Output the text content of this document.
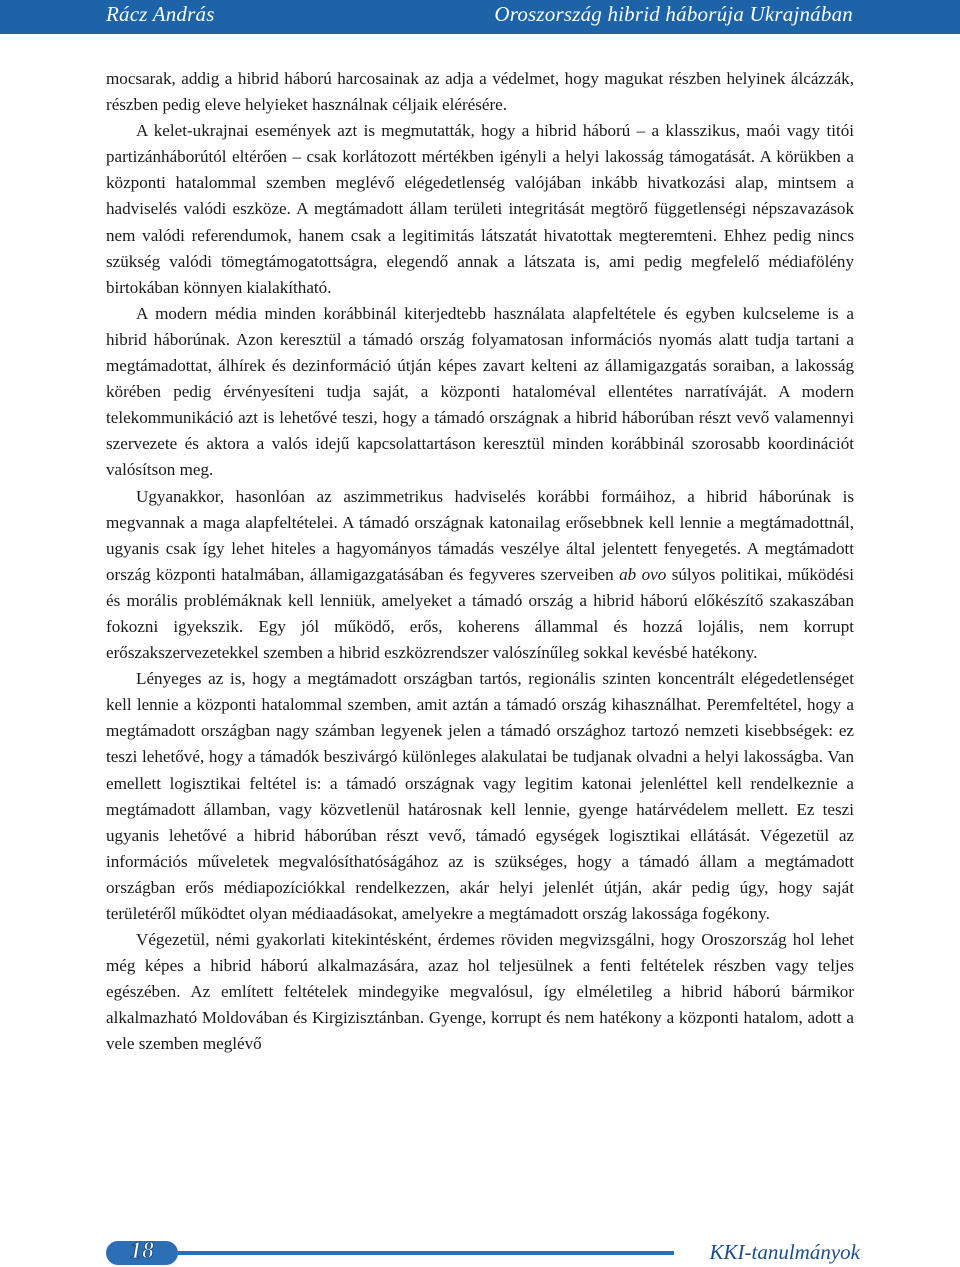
Rácz András	Oroszország hibrid háborúja Ukrajnában

mocsarak, addig a hibrid háború harcosainak az adja a védelmet, hogy magukat részben helyinek álcázzák, részben pedig eleve helyieket használnak céljaik elérésére.

A kelet-ukrajnai események azt is megmutatták, hogy a hibrid háború – a klasszikus, maói vagy titói partizánháborútól eltérően – csak korlátozott mértékben igényli a helyi lakosság támogatását. A körükben a központi hatalommal szemben meglévő elégedetlenség valójában inkább hivatkozási alap, mintsem a hadviselés valódi eszköze. A megtámadott állam területi integritását megtörő függetlenségi népszavazások nem valódi referendumok, hanem csak a legitimitás látszatát hivatottak megteremteni. Ehhez pedig nincs szükség valódi tömegtámogatottságra, elegendő annak a látszata is, ami pedig megfelelő médiafölény birtokában könnyen kialakítható.

A modern média minden korábbinál kiterjedtebb használata alapfeltétele és egyben kulcseleme is a hibrid háborúnak. Azon keresztül a támadó ország folyamatosan információs nyomás alatt tudja tartani a megtámadottat, álhírek és dezinformáció útján képes zavart kelteni az államigazgatás soraiban, a lakosság körében pedig érvényesíteni tudja saját, a központi hataloméval ellentétes narratíváját. A modern telekommunikáció azt is lehetővé teszi, hogy a támadó országnak a hibrid háborúban részt vevő valamennyi szervezete és aktora a valós idejű kapcsolattartáson keresztül minden korábbinál szorosabb koordinációt valósítson meg.

Ugyanakkor, hasonlóan az aszimmetrikus hadviselés korábbi formáihoz, a hibrid háborúnak is megvannak a maga alapfeltételei. A támadó országnak katonailag erősebbnek kell lennie a megtámadottnál, ugyanis csak így lehet hiteles a hagyományos támadás veszélye által jelentett fenyegetés. A megtámadott ország központi hatalmában, államigazgatásában és fegyveres szerveiben ab ovo súlyos politikai, működési és morális problémáknak kell lenniük, amelyeket a támadó ország a hibrid háború előkészítő szakaszában fokozni igyekszik. Egy jól működő, erős, koherens állammal és hozzá lojális, nem korrupt erőszakszervezetekkel szemben a hibrid eszközrendszer valószínűleg sokkal kevésbé hatékony.

Lényeges az is, hogy a megtámadott országban tartós, regionális szinten koncentrált elégedetlenséget kell lennie a központi hatalommal szemben, amit aztán a támadó ország kihasználhat. Peremfeltétel, hogy a megtámadott országban nagy számban legyenek jelen a támadó országhoz tartozó nemzeti kisebbségek: ez teszi lehetővé, hogy a támadók beszivárgó különleges alakulatai be tudjanak olvadni a helyi lakosságba. Van emellett logisztikai feltétel is: a támadó országnak vagy legitim katonai jelenléttel kell rendelkeznie a megtámadott államban, vagy közvetlenül határosnak kell lennie, gyenge határvédelem mellett. Ez teszi ugyanis lehetővé a hibrid háborúban részt vevő, támadó egységek logisztikai ellátását. Végezetül az információs műveletek megvalósíthatóságához az is szükséges, hogy a támadó állam a megtámadott országban erős médiapozíciókkal rendelkezzen, akár helyi jelenlét útján, akár pedig úgy, hogy saját területéről működtet olyan médiaadásokat, amelyekre a megtámadott ország lakossága fogékony.

Végezetül, némi gyakorlati kitekintésként, érdemes röviden megvizsgálni, hogy Oroszország hol lehet még képes a hibrid háború alkalmazására, azaz hol teljesülnek a fenti feltételek részben vagy teljes egészében. Az említett feltételek mindegyike megvalósul, így elméletileg a hibrid háború bármikor alkalmazható Moldovában és Kirgizisztánban. Gyenge, korrupt és nem hatékony a központi hatalom, adott a vele szemben meglévő

18	KKI-tanulmányok
